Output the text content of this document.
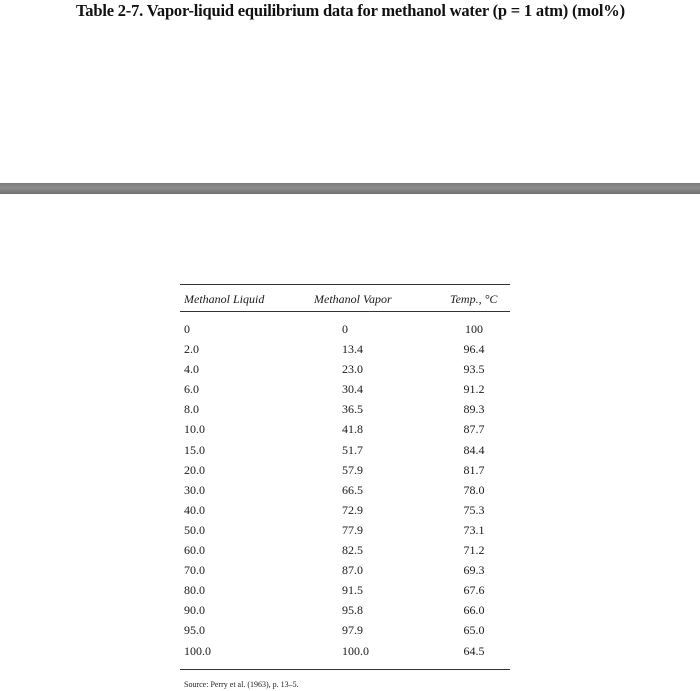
Table 2-7. Vapor-liquid equilibrium data for methanol water (p = 1 atm) (mol%)
Methanol Liquid	Methanol Vapor	Temp., °C
0	0	100
2.0	13.4	96.4
4.0	23.0	93.5
6.0	30.4	91.2
8.0	36.5	89.3
10.0	41.8	87.7
15.0	51.7	84.4
20.0	57.9	81.7
30.0	66.5	78.0
40.0	72.9	75.3
50.0	77.9	73.1
60.0	82.5	71.2
70.0	87.0	69.3
80.0	91.5	67.6
90.0	95.8	66.0
95.0	97.9	65.0
100.0	100.0	64.5
Source: Perry et al. (1963), p. 13–5.
